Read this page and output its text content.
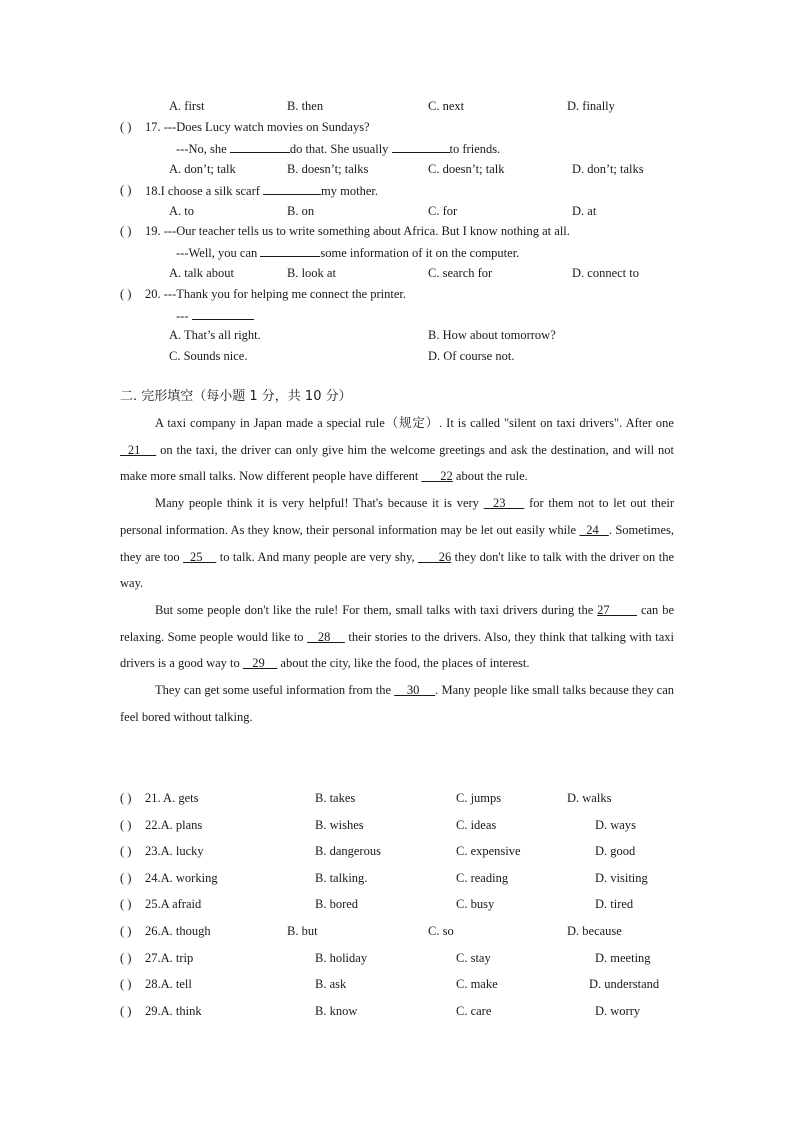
A. first	B. then	C. next	D. finally
( ) 17. ---Does Lucy watch movies on Sundays?
---No, she	do that. She usually	to friends.
A. don’t; talk	B. doesn’t; talks	C. doesn’t; talk	D. don’t; talks
( ) 18.I choose a silk scarf	my mother.
A. to	B. on	C. for	D. at
( ) 19. ---Our teacher tells us to write something about Africa. But I know nothing at all.
---Well, you can	some information of it on the computer.
A. talk about	B. look at	C. search for	D. connect to
( ) 20. ---Thank you for helping me connect the printer.
---
A. That’s all right.	B. How about tomorrow?
C. Sounds nice.	D. Of course not.
二. 完形填空（每小题 1 分，共 10 分）

A taxi company in Japan made a special rule（规定）. It is called "silent on taxi drivers". After one   21     on the taxi, the driver can only give him the welcome greetings and ask the destination, and will not make more small talks. Now different people have different       22 about the rule.

Many people think it is very helpful! That's because it is very   23     for them not to let out their personal information. As they know, their personal information may be let out easily while   24   . Sometimes, they are too   25     to talk. And many people are very shy,       26 they don't like to talk with the driver on the way.

But some people don't like the rule! For them, small talks with taxi drivers during the 27        can be relaxing. Some people would like to    28     their stories to the drivers. Also, they think that talking with taxi drivers is a good way to    29     about the city, like the food, the places of interest.

They can get some useful information from the     30     . Many people like small talks because they can feel bored without talking.

( ) 21. A. gets	B. takes	C. jumps	D. walks
( ) 22.A. plans	B. wishes	C. ideas	D. ways
( ) 23.A. lucky	B. dangerous	C. expensive	D. good
( ) 24.A. working	B. talking.	C. reading	D. visiting
( ) 25.A afraid	B. bored	C. busy	D. tired
( ) 26.A. though	B. but	C. so	D. because
( ) 27.A. trip	B. holiday	C. stay	D. meeting
( ) 28.A. tell	B. ask	C. make	D. understand
( ) 29.A. think	B. know	C. care	D. worry
